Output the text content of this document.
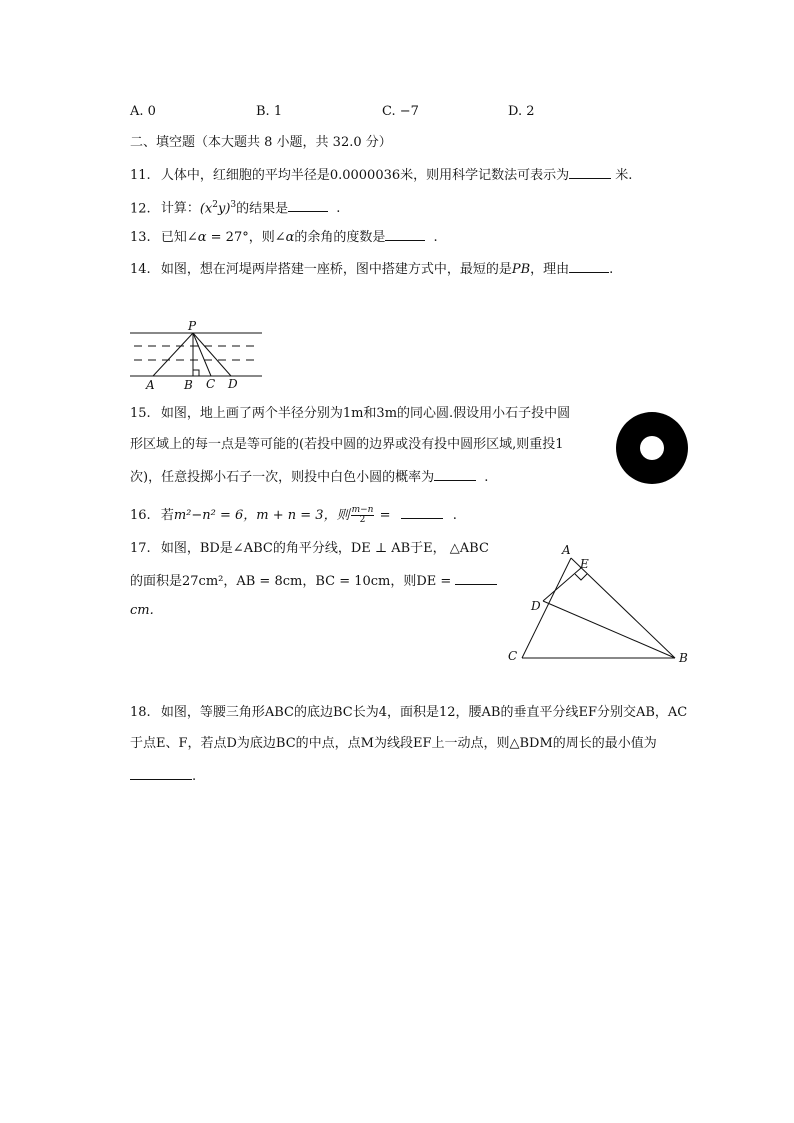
A. 0	B. 1	C. −7	D. 2
二、填空题（本大题共 8 小题，共 32.0 分）
11. 人体中，红细胞的平均半径是0.0000036米，则用科学记数法可表示为	米.
12. 计算：$(x^2y)^3$的结果是	.
13. 已知∠α = 27°，则∠α的余角的度数是	.
14. 如图，想在河堤两岸搭建一座桥，图中搭建方式中，最短的是PB，理由	.
P
A B C D
15. 如图，地上画了两个半径分别为1m和3m的同心圆.假设用小石子投中圆
形区域上的每一点是等可能的(若投中圆的边界或没有投中圆形区域,则重投1
次)，任意投掷小石子一次，则投中白色小圆的概率为	.
16. 若m²−n² = 6，m + n = 3，则 $\frac{m-n}{2}$ =	.
17. 如图，BD是∠ABC的角平分线，DE ⊥ AB于E， △ABC
的面积是27cm²，AB = 8cm，BC = 10cm，则DE =
cm.
A
E
D
C	B
18. 如图，等腰三角形ABC的底边BC长为4，面积是12，腰AB的垂直平分线EF分别交AB，AC
于点E、F，若点D为底边BC的中点，点M为线段EF上一动点，则△BDM的周长的最小值为
.
